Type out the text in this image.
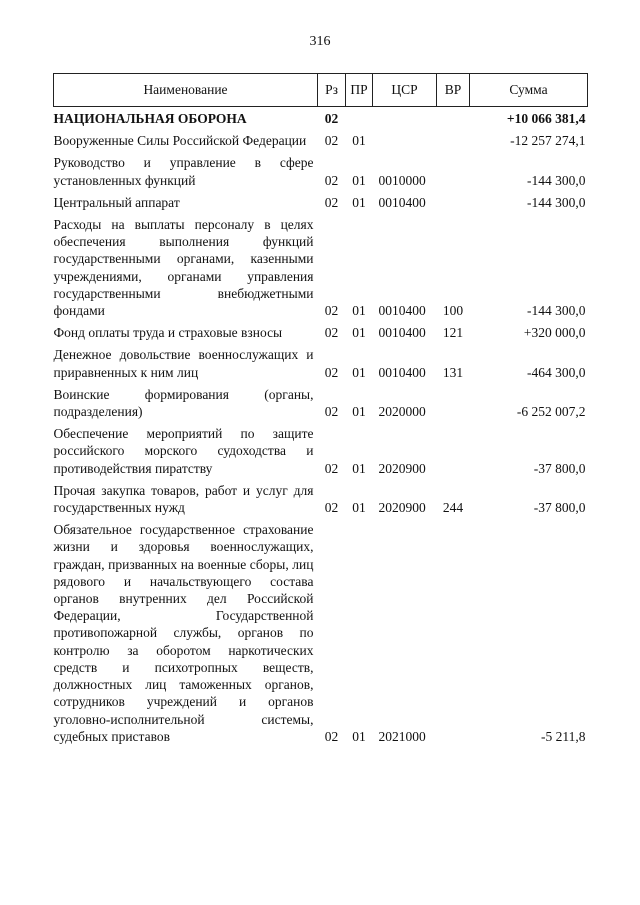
316
Наименование	Рз	ПР	ЦСР	ВР	Сумма
НАЦИОНАЛЬНАЯ ОБОРОНА	02				+10 066 381,4
Вооруженные Силы Российской Федерации	02	01			-12 257 274,1
Руководство и управление в сфере установленных функций	02	01	0010000		-144 300,0
Центральный аппарат	02	01	0010400		-144 300,0
Расходы на выплаты персоналу в целях обеспечения выполнения функций государственными органами, казенными учреждениями, органами управления государственными внебюджетными фондами	02	01	0010400	100	-144 300,0
Фонд оплаты труда и страховые взносы	02	01	0010400	121	+320 000,0
Денежное довольствие военнослужащих и приравненных к ним лиц	02	01	0010400	131	-464 300,0
Воинские формирования (органы, подразделения)	02	01	2020000		-6 252 007,2
Обеспечение мероприятий по защите российского морского судоходства и противодействия пиратству	02	01	2020900		-37 800,0
Прочая закупка товаров, работ и услуг для государственных нужд	02	01	2020900	244	-37 800,0
Обязательное государственное страхование жизни и здоровья военнослужащих, граждан, призванных на военные сборы, лиц рядового и начальствующего состава органов внутренних дел Российской Федерации, Государственной противопожарной службы, органов по контролю за оборотом наркотических средств и психотропных веществ, должностных лиц таможенных органов, сотрудников учреждений и органов уголовно-исполнительной системы, судебных приставов	02	01	2021000		-5 211,8
